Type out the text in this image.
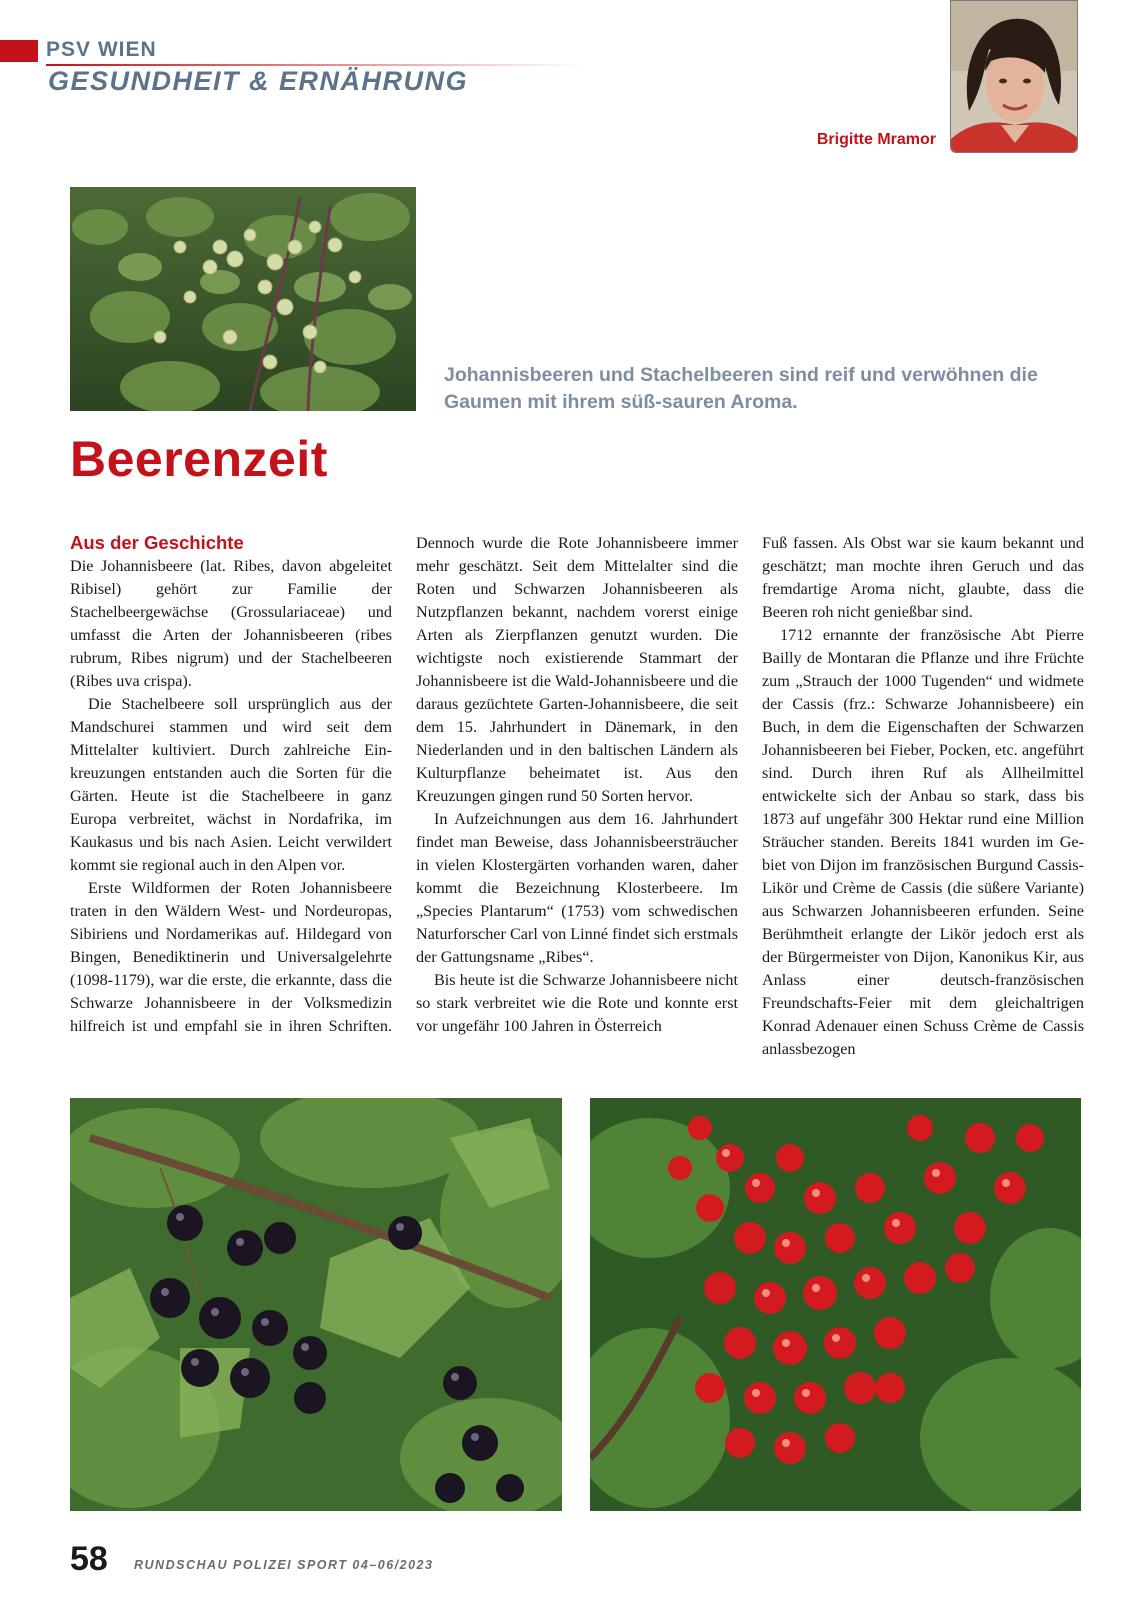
PSV WIEN
GESUNDHEIT & ERNÄHRUNG
Brigitte Mramor
Johannisbeeren und Stachelbeeren sind reif und verwöhnen die Gaumen mit ihrem süß-sauren Aroma.
Beerenzeit
Aus der Geschichte

Die Johannisbeere (lat. Ribes, davon abgeleitet Ribisel) gehört zur Familie der Stachelbeergewächse (Grossulariaceae) und umfasst die Arten der Johannisbeeren (ribes rubrum, Ribes nigrum) und der Stachelbeeren (Ribes uva crispa).

Die Stachelbeere soll ursprünglich aus der Mandschurei stammen und wird seit dem Mittelalter kultiviert. Durch zahlreiche Einkreuzungen entstanden auch die Sorten für die Gärten. Heute ist die Stachelbeere in ganz Europa verbreitet, wächst in Nordafrika, im Kaukasus und bis nach Asien. Leicht verwildert kommt sie regional auch in den Alpen vor.

Erste Wildformen der Roten Johannisbeere traten in den Wäldern West- und Nordeuropas, Sibiriens und Nordamerikas auf. Hildegard von Bingen, Benediktinerin und Universalgelehrte (1098-1179), war die erste, die erkannte, dass die Schwarze Johannisbeere in der Volksmedizin hilfreich ist und empfahl sie in ihren Schriften.

Dennoch wurde die Rote Johannisbeere immer mehr geschätzt. Seit dem Mittelalter sind die Roten und Schwarzen Johannisbeeren als Nutzpflanzen bekannt, nachdem vorerst einige Arten als Zierpflanzen genutzt wurden. Die wichtigste noch existierende Stammart der Johannisbeere ist die Wald-Johannisbeere und die daraus gezüchtete Garten-Johannisbeere, die seit dem 15. Jahrhundert in Dänemark, in den Niederlanden und in den baltischen Ländern als Kulturpflanze beheimatet ist. Aus den Kreuzungen gingen rund 50 Sorten hervor.

In Aufzeichnungen aus dem 16. Jahrhundert findet man Beweise, dass Johannisbeersträucher in vielen Klostergärten vorhanden waren, daher kommt die Bezeichnung Klosterbeere. Im „Species Plantarum“ (1753) vom schwedischen Naturforscher Carl von Linné findet sich erstmals der Gattungsname „Ribes“.

Bis heute ist die Schwarze Johannisbeere nicht so stark verbreitet wie die Rote und konnte erst vor ungefähr 100 Jahren in Österreich

Fuß fassen. Als Obst war sie kaum bekannt und geschätzt; man mochte ihren Geruch und das fremdartige Aroma nicht, glaubte, dass die Beeren roh nicht genießbar sind.

1712 ernannte der französische Abt Pierre Bailly de Montaran die Pflanze und ihre Früchte zum „Strauch der 1000 Tugenden“ und widmete der Cassis (frz.: Schwarze Johannisbeere) ein Buch, in dem die Eigenschaften der Schwarzen Johannisbeeren bei Fieber, Pocken, etc. angeführt sind. Durch ihren Ruf als Allheilmittel entwickelte sich der Anbau so stark, dass bis 1873 auf ungefähr 300 Hektar rund eine Million Sträucher standen. Bereits 1841 wurden im Gebiet von Dijon im französischen Burgund Cassis-Likör und Crème de Cassis (die süßere Variante) aus Schwarzen Johannisbeeren erfunden. Seine Berühmtheit erlangte der Likör jedoch erst als der Bürgermeister von Dijon, Kanonikus Kir, aus Anlass einer deutsch-französischen Freundschafts-Feier mit dem gleichaltrigen Konrad Adenauer einen Schuss Crème de Cassis anlassbezogen

58 RUNDSCHAU POLIZEI SPORT 04–06/2023
